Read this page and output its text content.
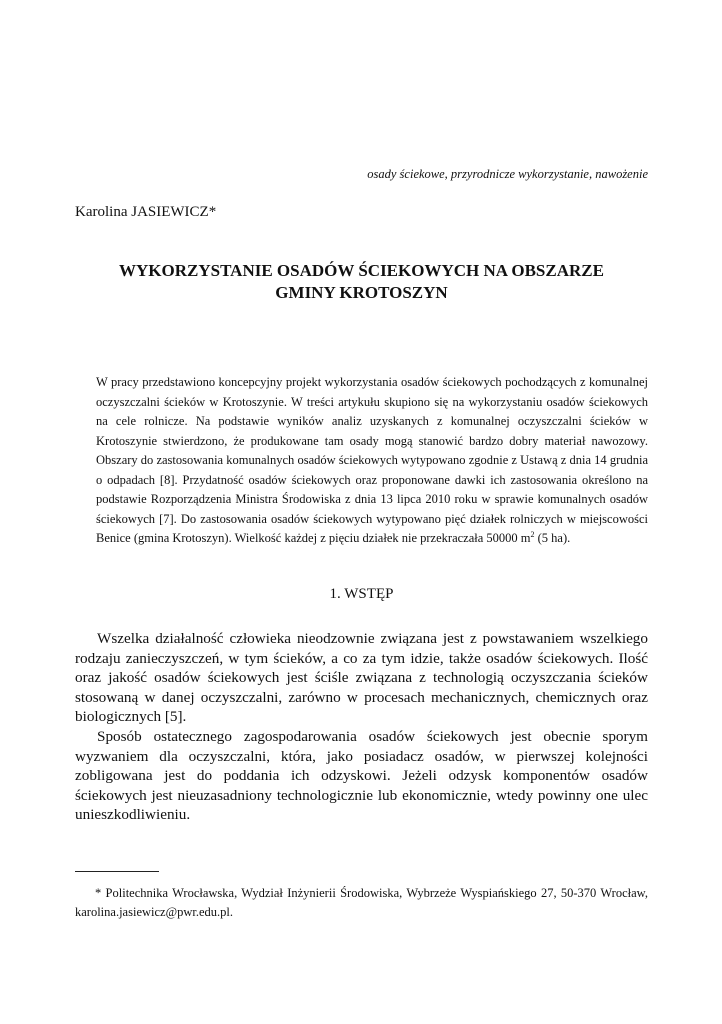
osady ściekowe, przyrodnicze wykorzystanie, nawożenie
Karolina JASIEWICZ*

WYKORZYSTANIE OSADÓW ŚCIEKOWYCH NA OBSZARZE

GMINY KROTOSZYN

W pracy przedstawiono koncepcyjny projekt wykorzystania osadów ściekowych pochodzących z komunalnej oczyszczalni ścieków w Krotoszynie. W treści artykułu skupiono się na wykorzystaniu osadów ściekowych na cele rolnicze. Na podstawie wyników analiz uzyskanych z komunalnej oczyszczalni ścieków w Krotoszynie stwierdzono, że produkowane tam osady mogą stanowić bardzo dobry materiał nawozowy. Obszary do zastosowania komunalnych osadów ściekowych wytypowano zgodnie z Ustawą z dnia 14 grudnia o odpadach [8]. Przydatność osadów ściekowych oraz proponowane dawki ich zastosowania określono na podstawie Rozporządzenia Ministra Środowiska z dnia 13 lipca 2010 roku w sprawie komunalnych osadów ściekowych [7]. Do zastosowania osadów ściekowych wytypowano pięć działek rolniczych w miejscowości Benice (gmina Krotoszyn). Wielkość każdej z pięciu działek nie przekraczała 50000 $m^2$ (5 ha).

1. WSTĘP

Wszelka działalność człowieka nieodzownie związana jest z powstawaniem wszelkiego rodzaju zanieczyszczeń, w tym ścieków, a co za tym idzie, także osadów ściekowych. Ilość oraz jakość osadów ściekowych jest ściśle związana z technologią oczyszczania ścieków stosowaną w danej oczyszczalni, zarówno w procesach mechanicznych, chemicznych oraz biologicznych [5].

Sposób ostatecznego zagospodarowania osadów ściekowych jest obecnie sporym wyzwaniem dla oczyszczalni, która, jako posiadacz osadów, w pierwszej kolejności zobligowana jest do poddania ich odzyskowi. Jeżeli odzysk komponentów osadów ściekowych jest nieuzasadniony technologicznie lub ekonomicznie, wtedy powinny one ulec unieszkodliwieniu.

* Politechnika Wrocławska, Wydział Inżynierii Środowiska, Wybrzeże Wyspiańskiego 27, 50-370 Wrocław, karolina.jasiewicz@pwr.edu.pl.
